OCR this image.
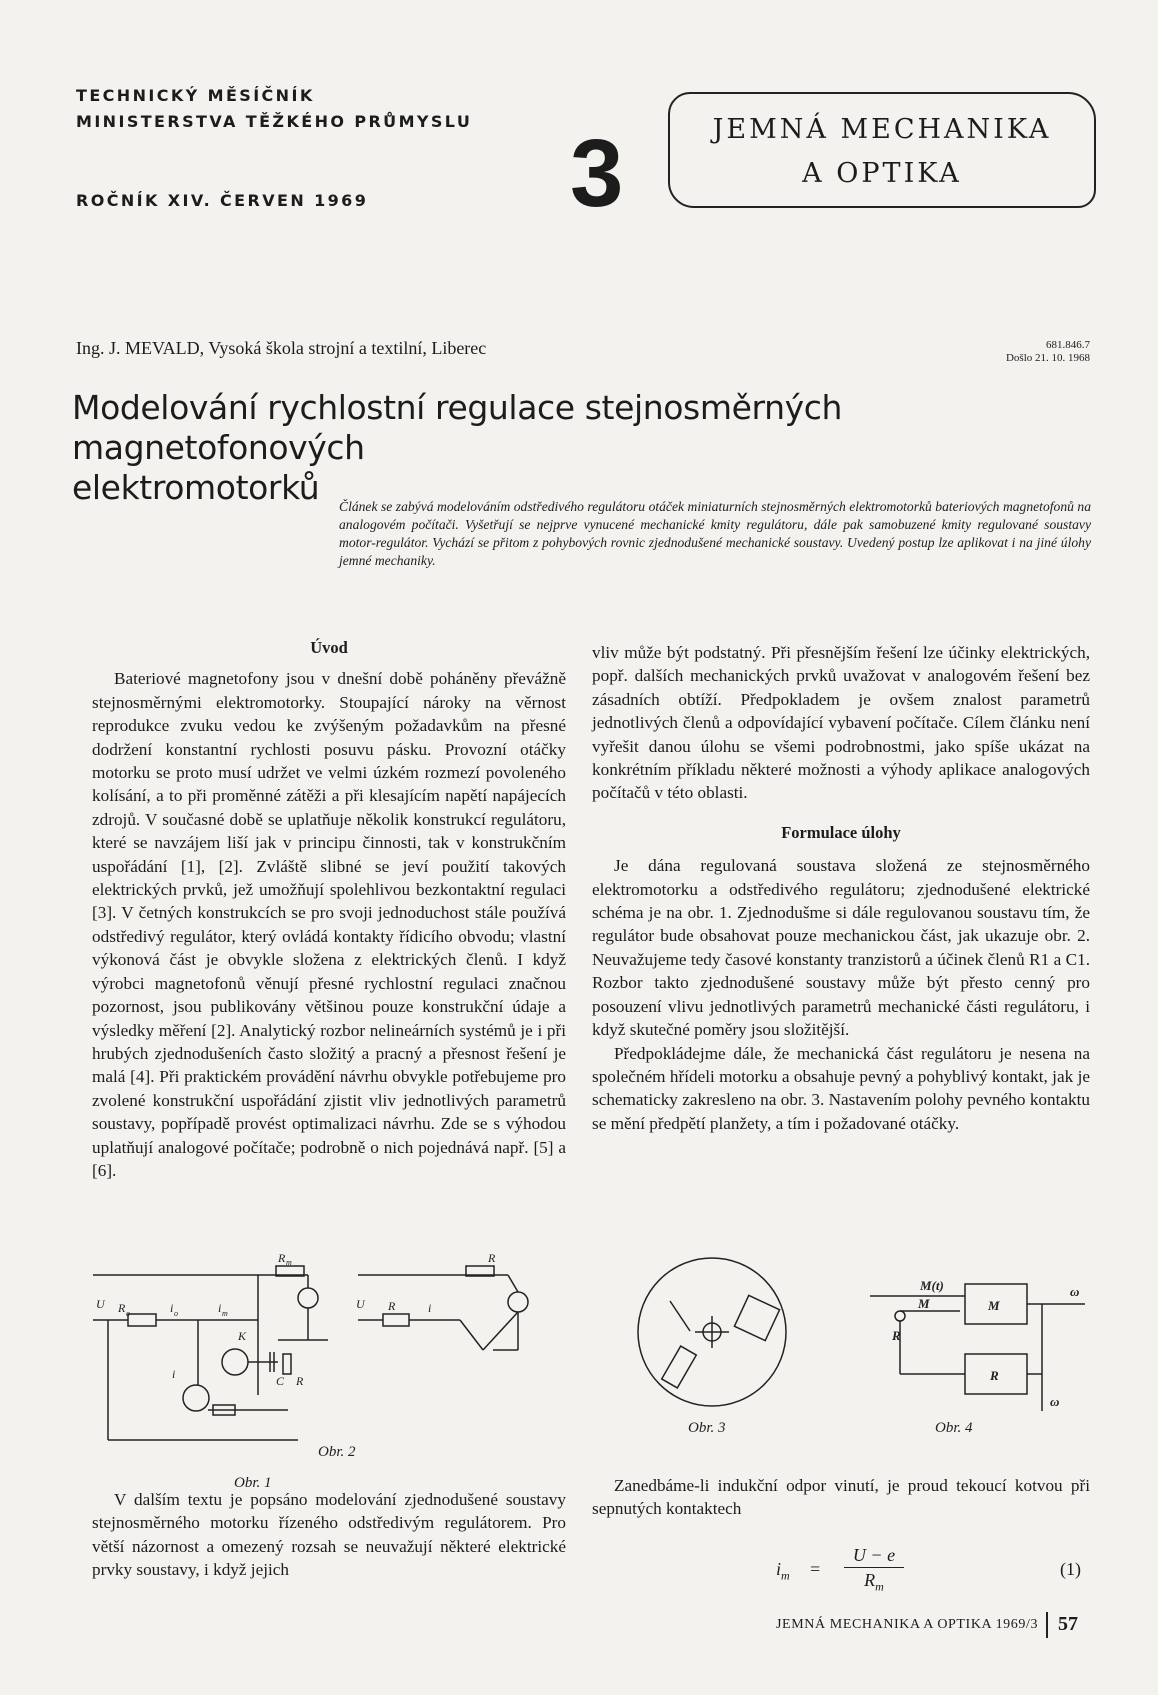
TECHNICKÝ MĚSÍČNÍK
MINISTERSTVA TĚŽKÉHO PRŮMYSLU
ROČNÍK XIV. ČERVEN 1969 3	JEMNÁ MECHANIKA
A OPTIKA
Ing. J. MEVALD, Vysoká škola strojní a textilní, Liberec	681.846.7
Došlo 21. 10. 1968
Modelování rychlostní regulace stejnosměrných magnetofonových
elektromotorků	Článek se zabývá modelováním odstředivého regulátoru otáček miniaturních stejnosměrných elektromotorků bateriových magnetofonů na analogovém počítači. Vyšetřují se nejprve vynucené mechanické kmity regulátoru, dále pak samobuzené kmity regulované soustavy motor-regulátor. Vychází se přitom z pohybových rovnic zjednodušené mechanické soustavy. Uvedený postup lze aplikovat i na jiné úlohy jemné mechaniky.
Úvod

Bateriové magnetofony jsou v dnešní době poháněny převážně stejnosměrnými elektromotorky. Stoupající nároky na věrnost reprodukce zvuku vedou ke zvýšeným požadavkům na přesné dodržení konstantní rychlosti posuvu pásku. Provozní otáčky motorku se proto musí udržet ve velmi úzkém rozmezí povoleného kolísání, a to při proměnné zátěži a při klesajícím napětí napájecích zdrojů. V současné době se uplatňuje několik konstrukcí regulátoru, které se navzájem liší jak v principu činnosti, tak v konstrukčním uspořádání [1], [2]. Zvláště slibné se jeví použití takových elektrických prvků, jež umožňují spolehlivou bezkontaktní regulaci [3]. V četných konstrukcích se pro svoji jednoduchost stále používá odstředivý regulátor, který ovládá kontakty řídicího obvodu; vlastní výkonová část je obvykle složena z elektrických členů. I když výrobci magnetofonů věnují přesné rychlostní regulaci značnou pozornost, jsou publikovány většinou pouze konstrukční údaje a výsledky měření [2]. Analytický rozbor nelineárních systémů je i při hrubých zjednodušeních často složitý a pracný a přesnost řešení je malá [4]. Při praktickém provádění návrhu obvykle potřebujeme pro zvolené konstrukční uspořádání zjistit vliv jednotlivých parametrů soustavy, popřípadě provést optimalizaci návrhu. Zde se s výhodou uplatňují analogové počítače; podrobně o nich pojednává např. [5] a [6].

U R o	i o	i m
R m
K
C R
i
U R	i
R
Obr. 2
Obr. 1

V dalším textu je popsáno modelování zjednodušené soustavy stejnosměrného motorku řízeného odstředivým regulátorem. Pro větší názornost a omezený rozsah se neuvažují některé elektrické prvky soustavy, i když jejich

vliv může být podstatný. Při přesnějším řešení lze účinky elektrických, popř. dalších mechanických prvků uvažovat v analogovém řešení bez zásadních obtíží. Předpokladem je ovšem znalost parametrů jednotlivých členů a odpovídající vybavení počítače. Cílem článku není vyřešit danou úlohu se všemi podrobnostmi, jako spíše ukázat na konkrétním příkladu některé možnosti a výhody aplikace analogových počítačů v této oblasti.

Formulace úlohy

Je dána regulovaná soustava složená ze stejnosměrného elektromotorku a odstředivého regulátoru; zjednodušené elektrické schéma je na obr. 1. Zjednodušme si dále regulovanou soustavu tím, že regulátor bude obsahovat pouze mechanickou část, jak ukazuje obr. 2. Neuvažujeme tedy časové konstanty tranzistorů a účinek členů R1 a C1. Rozbor takto zjednodušené soustavy může být přesto cenný pro posouzení vlivu jednotlivých parametrů mechanické části regulátoru, i když skutečné poměry jsou složitější.

Předpokládejme dále, že mechanická část regulátoru je nesena na společném hřídeli motorku a obsahuje pevný a pohyblivý kontakt, jak je schematicky zakresleno na obr. 3. Nastavením polohy pevného kontaktu se mění předpětí planžety, a tím i požadované otáčky.

M(t)
M	M
R
R
ω
ω
Obr. 3	Obr. 4

Zanedbáme-li indukční odpor vinutí, je proud tekoucí kotvou při sepnutých kontaktech

$i_m$ =
U − e
$R_m$
(1)
JEMNÁ MECHANIKA A OPTIKA 1969/3 57
